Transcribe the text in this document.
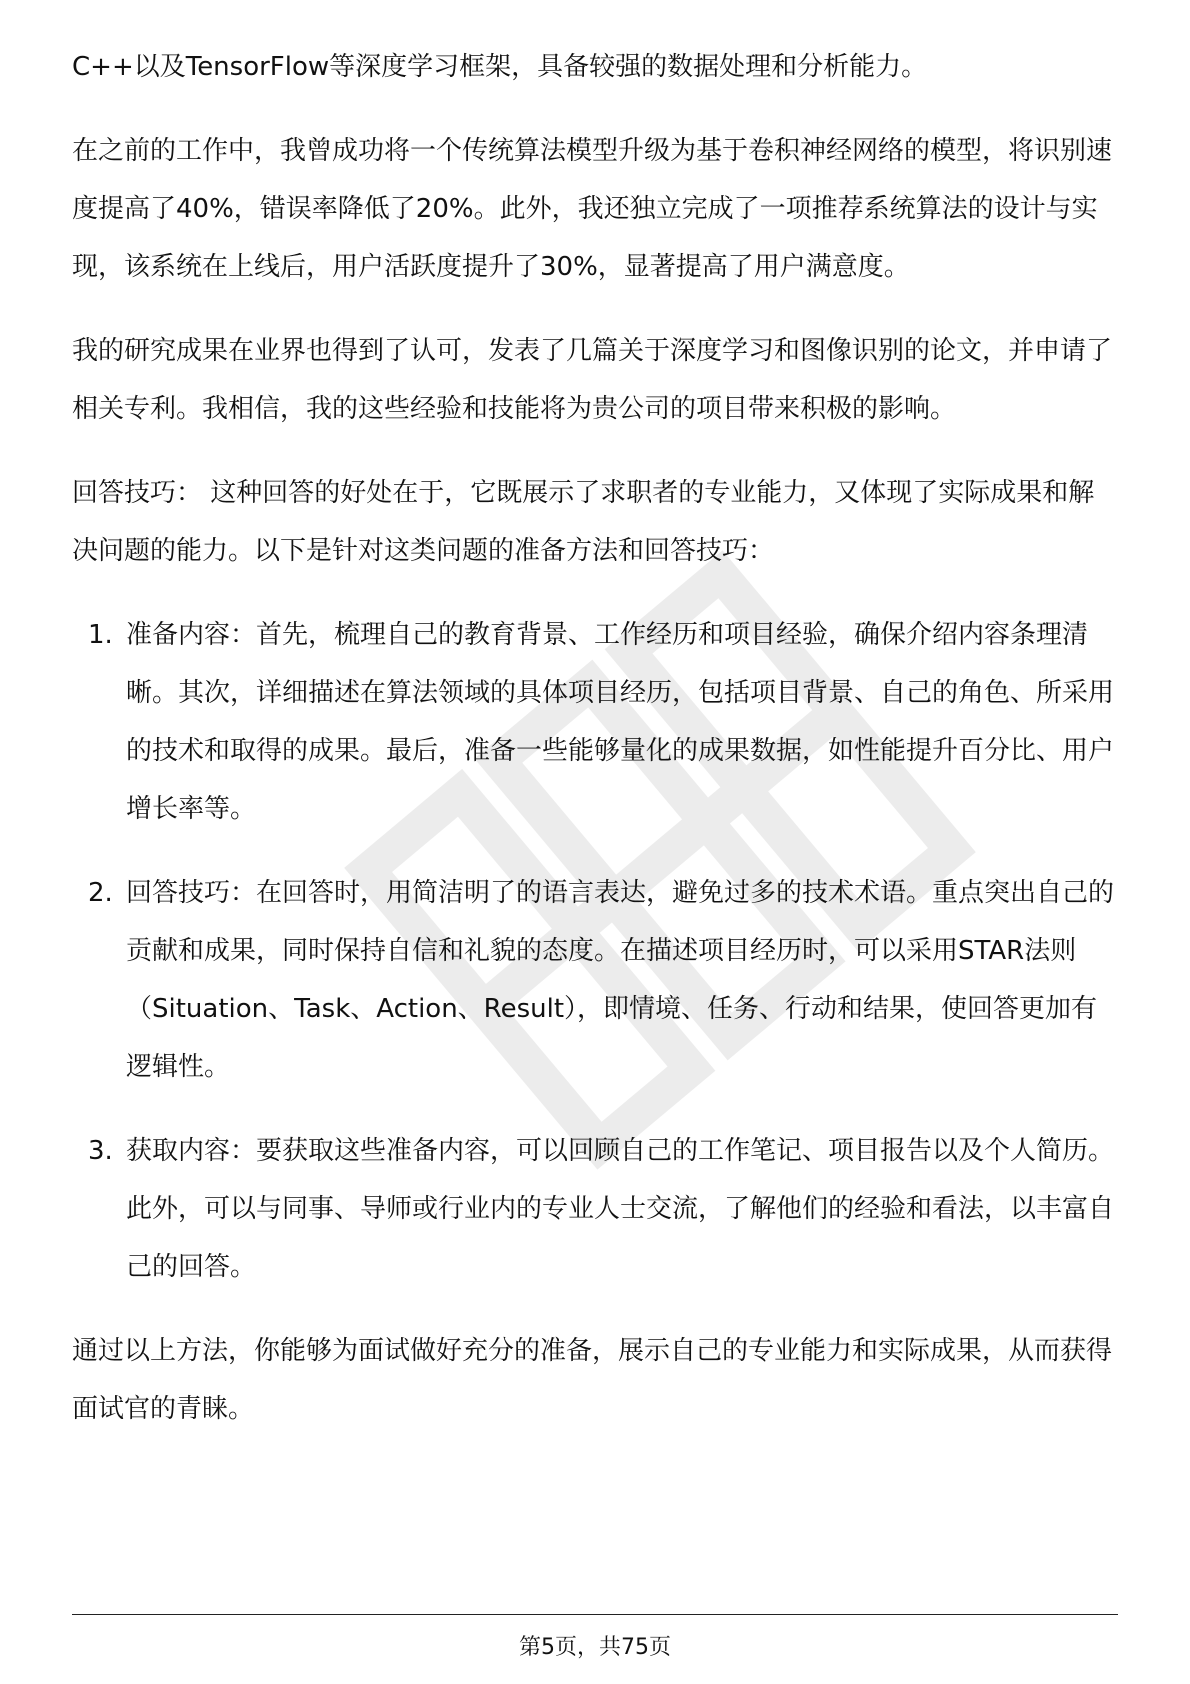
C++以及TensorFlow等深度学习框架，具备较强的数据处理和分析能力。

在之前的工作中，我曾成功将一个传统算法模型升级为基于卷积神经网络的模型，将识别速度提高了40%，错误率降低了20%。此外，我还独立完成了一项推荐系统算法的设计与实现，该系统在上线后，用户活跃度提升了30%，显著提高了用户满意度。

我的研究成果在业界也得到了认可，发表了几篇关于深度学习和图像识别的论文，并申请了相关专利。我相信，我的这些经验和技能将为贵公司的项目带来积极的影响。

回答技巧： 这种回答的好处在于，它既展示了求职者的专业能力，又体现了实际成果和解决问题的能力。以下是针对这类问题的准备方法和回答技巧：

1. 准备内容：首先，梳理自己的教育背景、工作经历和项目经验，确保介绍内容条理清晰。其次，详细描述在算法领域的具体项目经历，包括项目背景、自己的角色、所采用的技术和取得的成果。最后，准备一些能够量化的成果数据，如性能提升百分比、用户增长率等。
2. 回答技巧：在回答时，用简洁明了的语言表达，避免过多的技术术语。重点突出自己的贡献和成果，同时保持自信和礼貌的态度。在描述项目经历时，可以采用STAR法则（Situation、Task、Action、Result），即情境、任务、行动和结果，使回答更加有逻辑性。
3. 获取内容：要获取这些准备内容，可以回顾自己的工作笔记、项目报告以及个人简历。此外，可以与同事、导师或行业内的专业人士交流，了解他们的经验和看法，以丰富自己的回答。

通过以上方法，你能够为面试做好充分的准备，展示自己的专业能力和实际成果，从而获得面试官的青睐。

第5页，共75页
